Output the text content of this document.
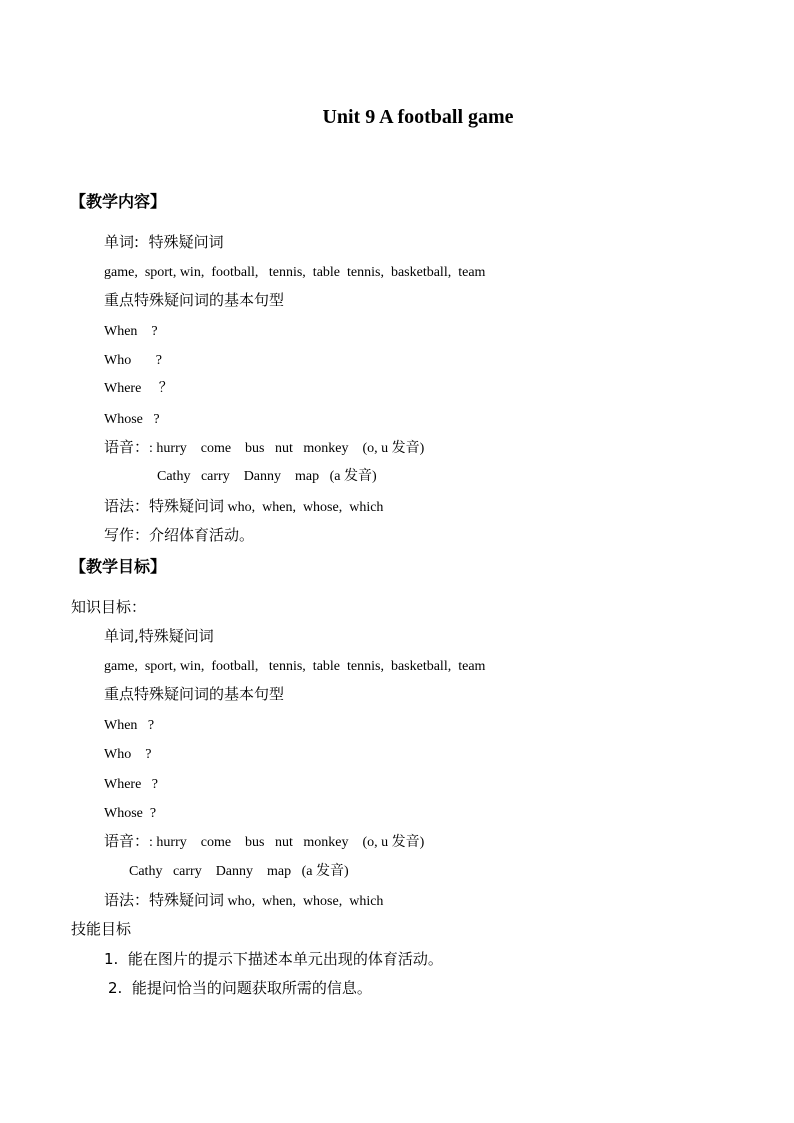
Unit 9 A football game
【教学内容】
单词:  特殊疑问词
game,  sport, win,  football,   tennis,  table  tennis,  basketball,  team
重点特殊疑问词的基本句型
When    ?
Who       ?
Where     ？
Whose   ?
语音：: hurry    come    bus   nut   monkey    (o, u 发音)
Cathy   carry    Danny    map   (a 发音)
语法：特殊疑问词 who,  when,  whose,  which
写作：介绍体育活动。
【教学目标】
知识目标：
单词,特殊疑问词
game,  sport, win,  football,   tennis,  table  tennis,  basketball,  team
重点特殊疑问词的基本句型
When   ?
Who    ?
Where   ?
Whose  ?
语音：: hurry    come    bus   nut   monkey    (o, u 发音)
Cathy   carry    Danny    map   (a 发音)
语法：特殊疑问词 who,  when,  whose,  which
技能目标
1.  能在图片的提示下描述本单元出现的体育活动。
2.  能提问恰当的问题获取所需的信息。
